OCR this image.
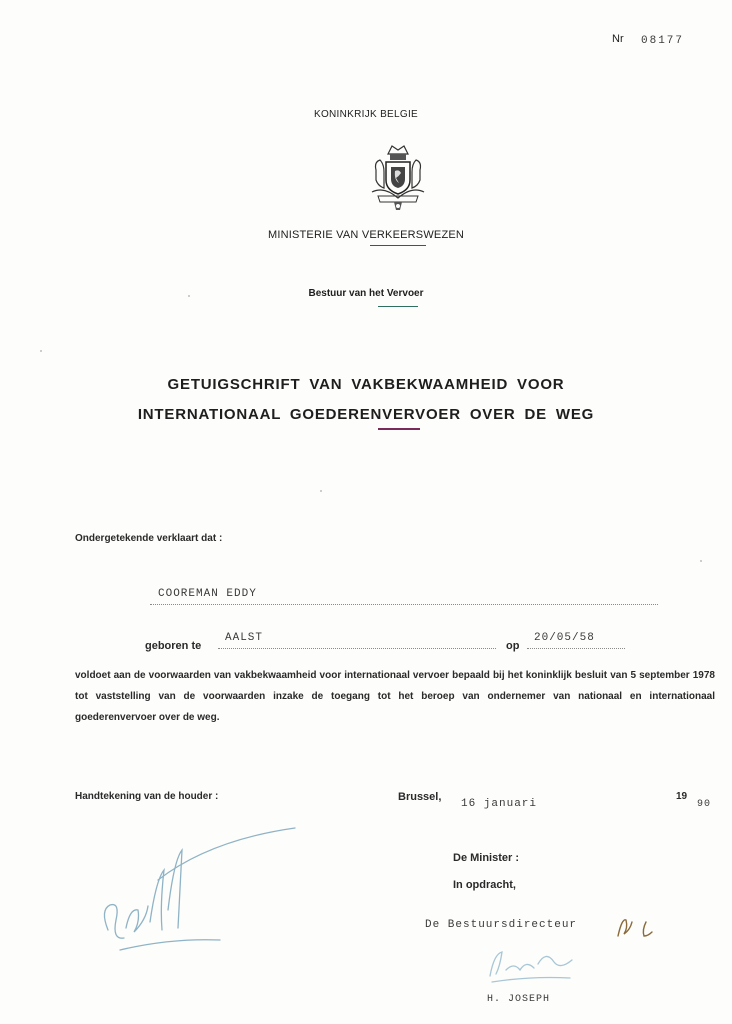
Nr 08177
KONINKRIJK BELGIE
MINISTERIE VAN VERKEERSWEZEN
Bestuur van het Vervoer
GETUIGSCHRIFT VAN VAKBEKWAAMHEID VOOR
INTERNATIONAAL GOEDERENVERVOER OVER DE WEG
Ondergetekende verklaart dat :
COOREMAN EDDY
geboren te
AALST
op
20/05/58
voldoet aan de voorwaarden van vakbekwaamheid voor internationaal vervoer bepaald bij het koninklijk besluit van 5 september 1978 tot vaststelling van de voorwaarden inzake de toegang tot het beroep van ondernemer van nationaal en internationaal goederenvervoer over de weg.
Handtekening van de houder :	Brussel,
16 januari
19
90
De Minister :
In opdracht,
De Bestuursdirecteur
H. JOSEPH
